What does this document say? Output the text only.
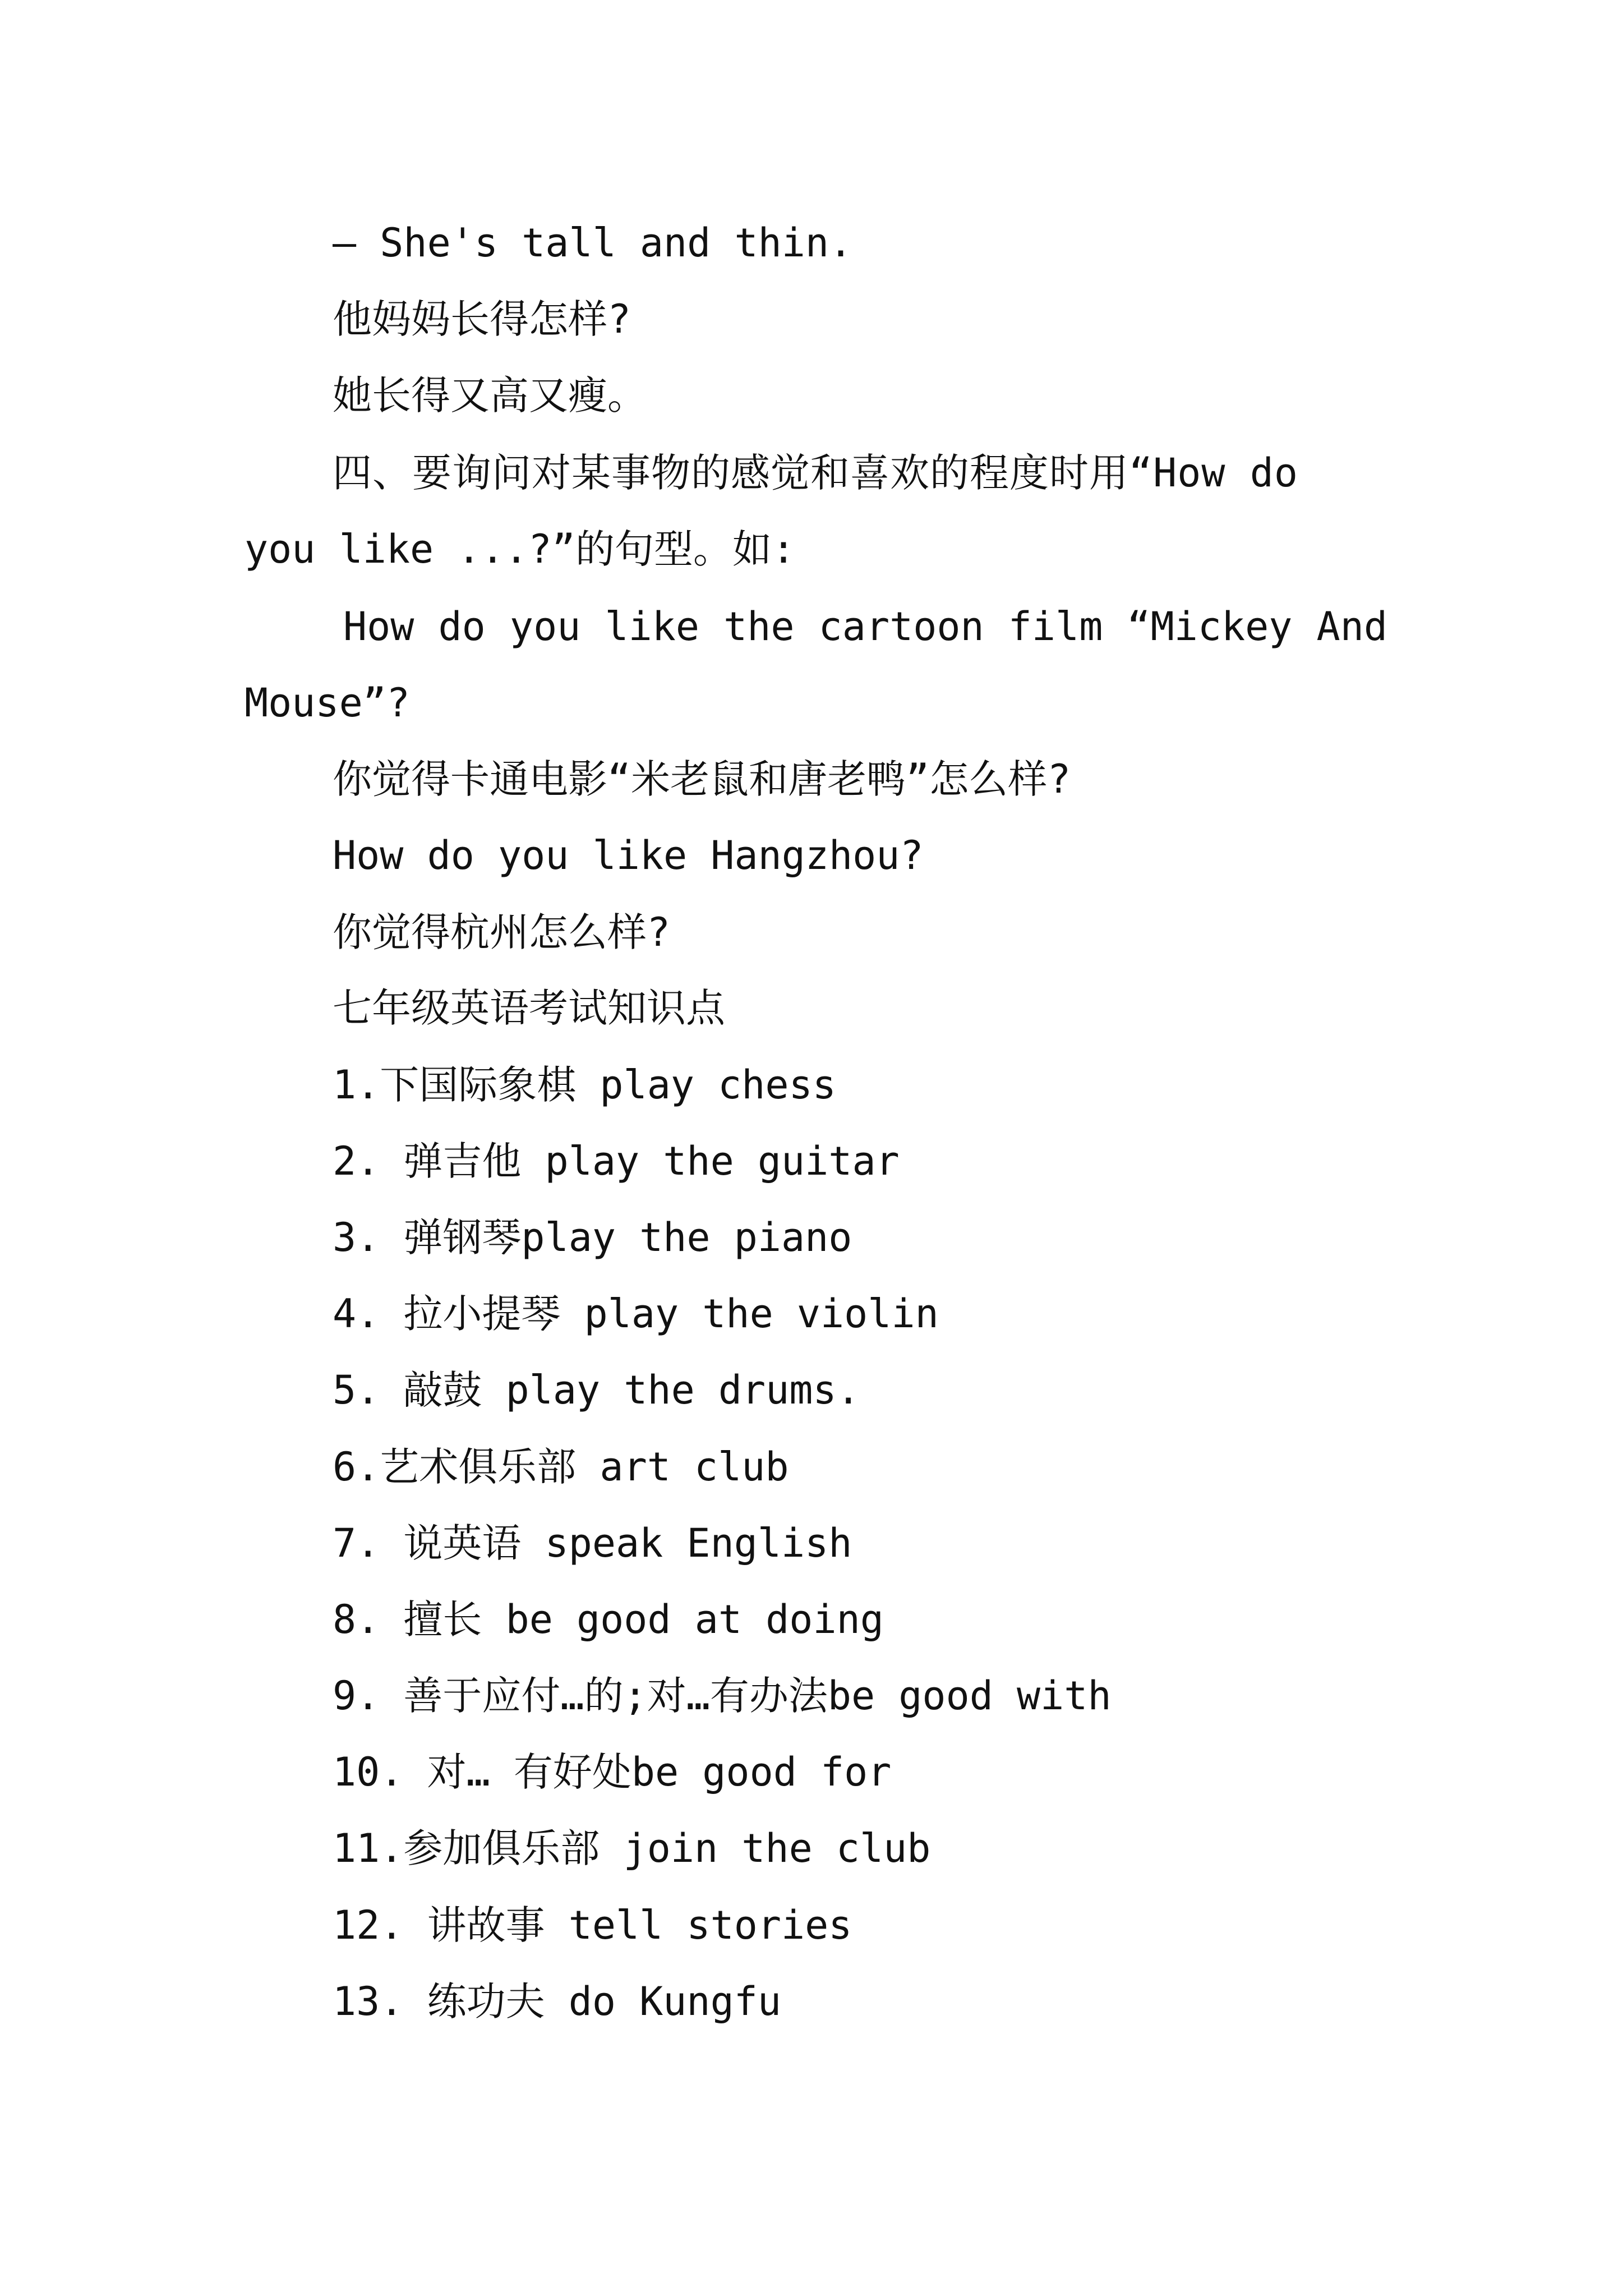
— She's tall and thin.

他妈妈长得怎样?

她长得又高又瘦。

四、要询问对某事物的感觉和喜欢的程度时用“How do

you like ...?”的句型。如:

How do you like the cartoon film “Mickey And

Mouse”?

你觉得卡通电影“米老鼠和唐老鸭”怎么样?

How do you like Hangzhou?

你觉得杭州怎么样?

七年级英语考试知识点

1.下国际象棋 play chess

2. 弹吉他 play the guitar

3. 弹钢琴play the piano

4. 拉小提琴 play the violin

5. 敲鼓 play the drums.

6.艺术俱乐部 art club

7. 说英语 speak English

8. 擅长 be good at doing

9. 善于应付…的;对…有办法be good with

10. 对… 有好处be good for

11.参加俱乐部 join the club

12. 讲故事 tell stories

13. 练功夫 do Kungfu
